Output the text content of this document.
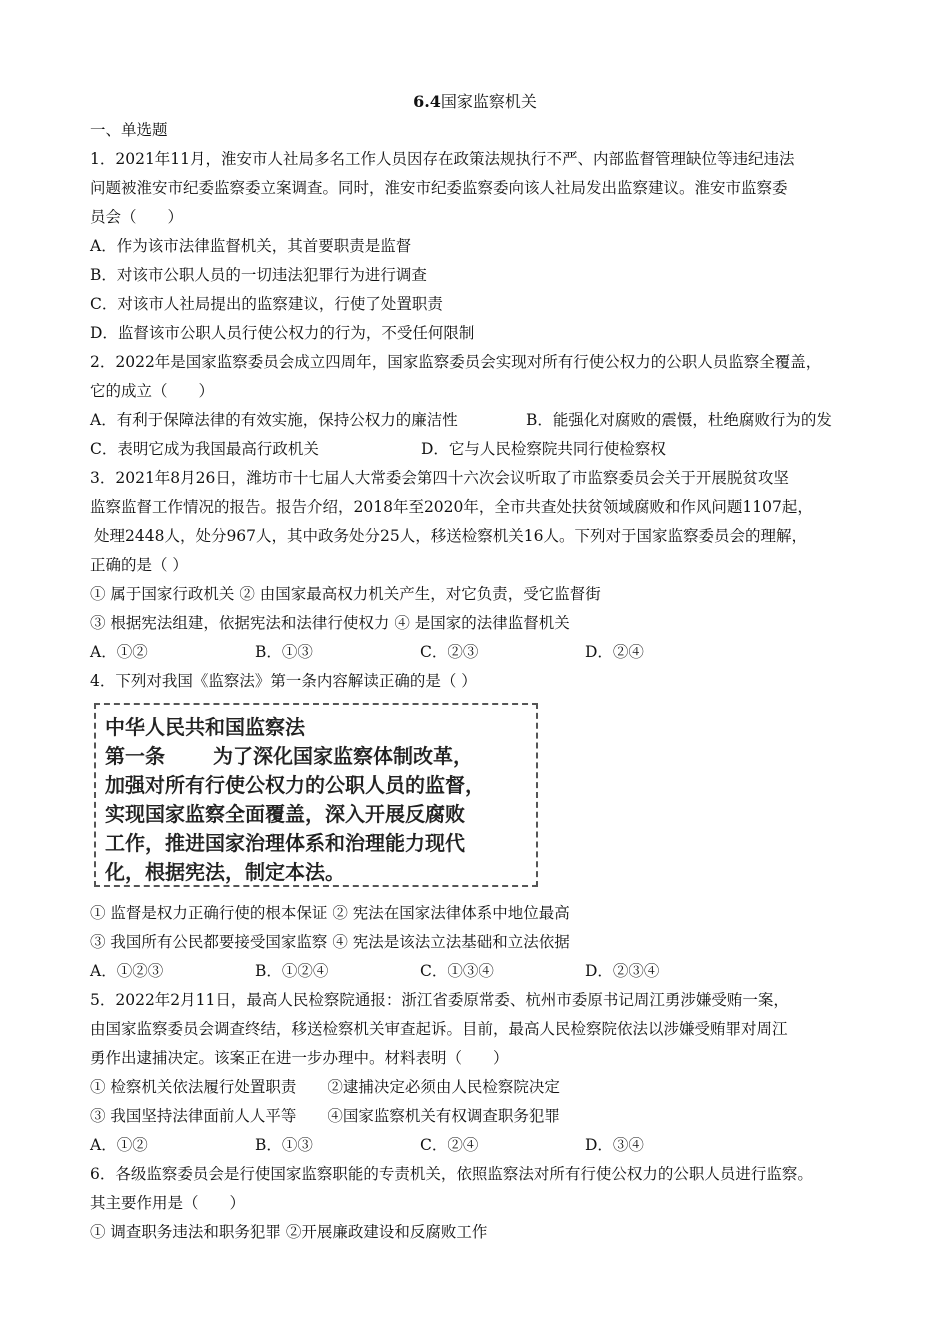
6.4国家监察机关
一、单选题
1．2021年11月，淮安市人社局多名工作人员因存在政策法规执行不严、内部监督管理缺位等违纪违法
问题被淮安市纪委监察委立案调查。同时，淮安市纪委监察委向该人社局发出监察建议。淮安市监察委
员会（　　）
A．作为该市法律监督机关，其首要职责是监督
B．对该市公职人员的一切违法犯罪行为进行调查
C．对该市人社局提出的监察建议，行使了处置职责
D．监督该市公职人员行使公权力的行为，不受任何限制
2．2022年是国家监察委员会成立四周年，国家监察委员会实现对所有行使公权力的公职人员监察全覆盖，
它的成立（　　）
A．有利于保障法律的有效实施，保持公权力的廉洁性	B．能强化对腐败的震慑，杜绝腐败行为的发
C．表明它成为我国最高行政机关	D．它与人民检察院共同行使检察权
3．2021年8月26日，潍坊市十七届人大常委会第四十六次会议听取了市监察委员会关于开展脱贫攻坚
监察监督工作情况的报告。报告介绍，2018年至2020年，全市共查处扶贫领域腐败和作风问题1107起，
处理2448人，处分967人，其中政务处分25人，移送检察机关16人。下列对于国家监察委员会的理解，
正确的是（ ）
① 属于国家行政机关 ② 由国家最高权力机关产生，对它负责，受它监督街
③ 根据宪法组建，依据宪法和法律行使权力 ④ 是国家的法律监督机关
A．①②	B．①③	C．②③	D．②④
4．下列对我国《监察法》第一条内容解读正确的是（ ）
中华人民共和国监察法
第一条 为了深化国家监察体制改革，
加强对所有行使公权力的公职人员的监督，
实现国家监察全面覆盖，深入开展反腐败
工作，推进国家治理体系和治理能力现代
化，根据宪法，制定本法。
① 监督是权力正确行使的根本保证 ② 宪法在国家法律体系中地位最高
③ 我国所有公民都要接受国家监察 ④ 宪法是该法立法基础和立法依据
A．①②③	B．①②④	C．①③④	D．②③④
5．2022年2月11日，最高人民检察院通报：浙江省委原常委、杭州市委原书记周江勇涉嫌受贿一案，
由国家监察委员会调查终结，移送检察机关审查起诉。目前，最高人民检察院依法以涉嫌受贿罪对周江
勇作出逮捕决定。该案正在进一步办理中。材料表明（　　）
① 检察机关依法履行处置职责　　②逮捕决定必须由人民检察院决定
③ 我国坚持法律面前人人平等　　④国家监察机关有权调查职务犯罪
A．①②	B．①③	C．②④	D．③④
6．各级监察委员会是行使国家监察职能的专责机关，依照监察法对所有行使公权力的公职人员进行监察。
其主要作用是（　　）
① 调查职务违法和职务犯罪 ②开展廉政建设和反腐败工作
